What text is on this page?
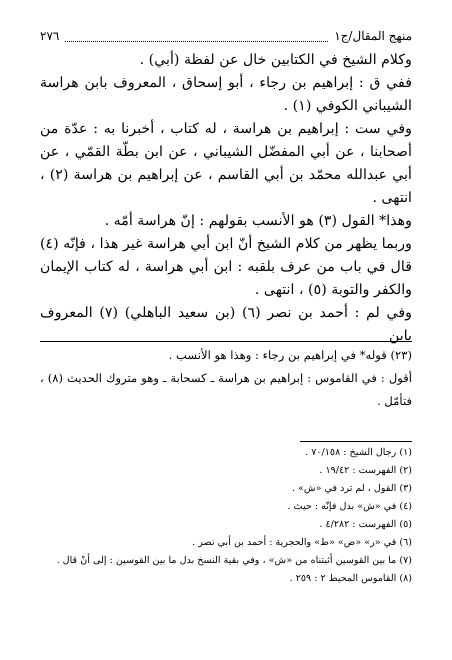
منهج المقال/ج١
٢٧٦

وكلام الشيخ في الكتابين خال عن لفظة (أبي) .

ففي ق : إبراهيم بن رجاء ، أبو إسحاق ، المعروف بابن هراسة الشيباني الكوفي (١) .

وفي ست : إبراهيم بن هراسة ، له كتاب ، أخبرنا به : عدّة من أصحابنا ، عن أبي المفضّل الشيباني ، عن ابن بطّة القمّي ، عن أبي عبدالله محمّد بن أبي القاسم ، عن إبراهيم بن هراسة (٢) ، انتهى .

وهذا* القول (٣) هو الأنسب بقولهم : إنّ هراسة أمّه .

وربما يظهر من كلام الشيخ أنّ ابن أبي هراسة غير هذا ، فإنّه (٤) قال في باب من عرف بلقبه : ابن أبي هراسة ، له كتاب الإيمان والكفر والتوبة (٥) ، انتهى .

وفي لم : أحمد بن نصر (٦) (بن سعيد الباهلي) (٧) المعروف بابن

(٢٣) قوله* في إبراهيم بن رجاء : وهذا هو الأنسب .

أقول : في القاموس : إبراهيم بن هراسة ـ كسحابة ـ وهو متروك الحديث (٨) ، فتأمّل .

(١) رجال الشيخ : ٧٠/١٥٨ .
(٢) الفهرست : ١٩/٤٢ .
(٣) القول ، لم ترد في «ش» .
(٤) في «ش» بدل فإنّه : حيث .
(٥) الفهرست : ٤/٢٨٢ .
(٦) في «ر» «ض» «ط» والحجرية : أحمد بن أبي نصر .
(٧) ما بين القوسين أثبتناه من «ش» ، وفي بقية النسخ بدل ما بين القوسين : إلى أنْ قال .
(٨) القاموس المحيط ٢ : ٢٥٩ .
